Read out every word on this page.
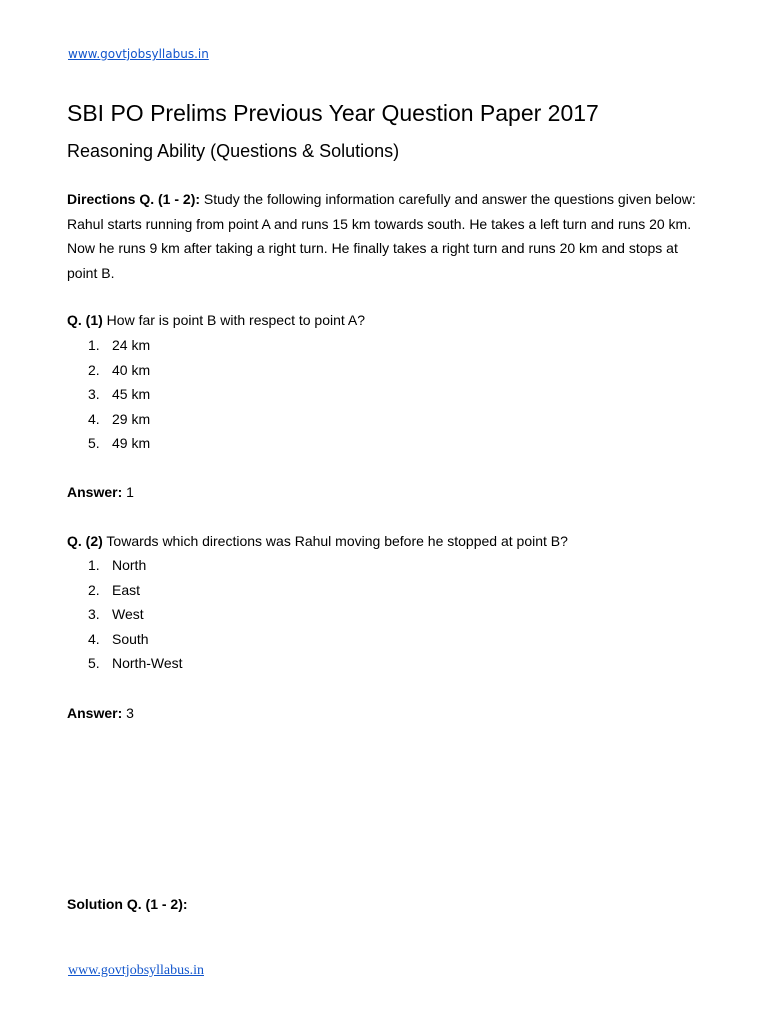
www.govtjobsyllabus.in
SBI PO Prelims Previous Year Question Paper 2017
Reasoning Ability (Questions & Solutions)

Directions Q. (1 - 2): Study the following information carefully and answer the questions given below:
Rahul starts running from point A and runs 15 km towards south. He takes a left turn and runs 20 km.
Now he runs 9 km after taking a right turn. He finally takes a right turn and runs 20 km and stops at
point B.

Q. (1) How far is point B with respect to point A?

1. 24 km
2. 40 km
3. 45 km
4. 29 km
5. 49 km

Answer: 1

Q. (2) Towards which directions was Rahul moving before he stopped at point B?

1. North
2. East
3. West
4. South
5. North-West

Answer: 3

Solution Q. (1 - 2):

www.govtjobsyllabus.in
